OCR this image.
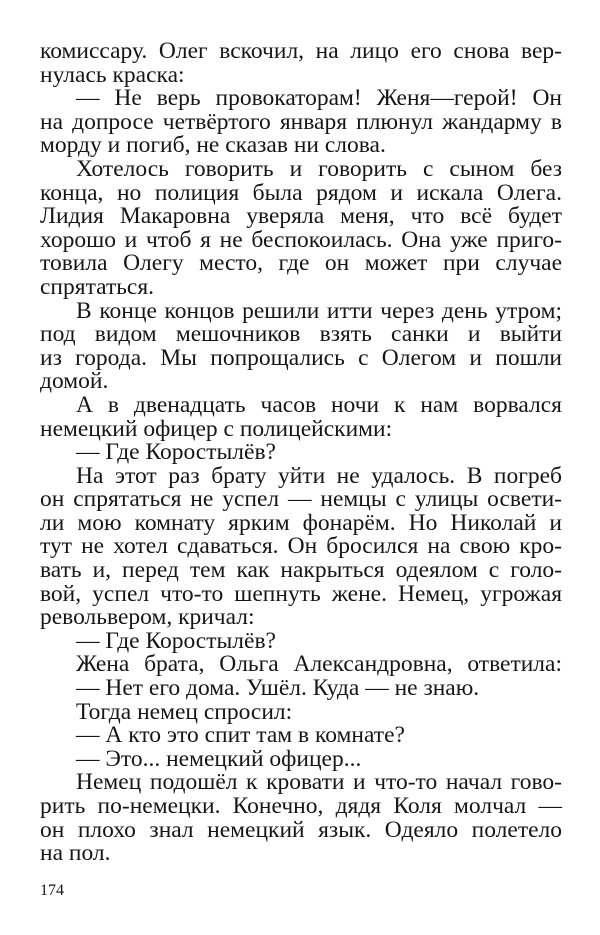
комиссару. Олег вскочил, на лицо его снова вер-
нулась краска:
— Не верь провокаторам! Женя—герой! Он
на допросе четвёртого января плюнул жандарму в
морду и погиб, не сказав ни слова.
Хотелось говорить и говорить с сыном без
конца, но полиция была рядом и искала Олега.
Лидия Макаровна уверяла меня, что всё будет
хорошо и чтоб я не беспокоилась. Она уже приго-
товила Олегу место, где он может при случае
спрятаться.
В конце концов решили итти через день утром;
под видом мешочников взять санки и выйти
из города. Мы попрощались с Олегом и пошли
домой.
А в двенадцать часов ночи к нам ворвался
немецкий офицер с полицейскими:
— Где Коростылёв?
На этот раз брату уйти не удалось. В погреб
он спрятаться не успел — немцы с улицы освети-
ли мою комнату ярким фонарём. Но Николай и
тут не хотел сдаваться. Он бросился на свою кро-
вать и, перед тем как накрыться одеялом с голо-
вой, успел что-то шепнуть жене. Немец, угрожая
револьвером, кричал:
— Где Коростылёв?
Жена брата, Ольга Александровна, ответила:
— Нет его дома. Ушёл. Куда — не знаю.
Тогда немец спросил:
— А кто это спит там в комнате?
— Это... немецкий офицер...
Немец подошёл к кровати и что-то начал гово-
рить по-немецки. Конечно, дядя Коля молчал —
он плохо знал немецкий язык. Одеяло полетело
на пол.
174
